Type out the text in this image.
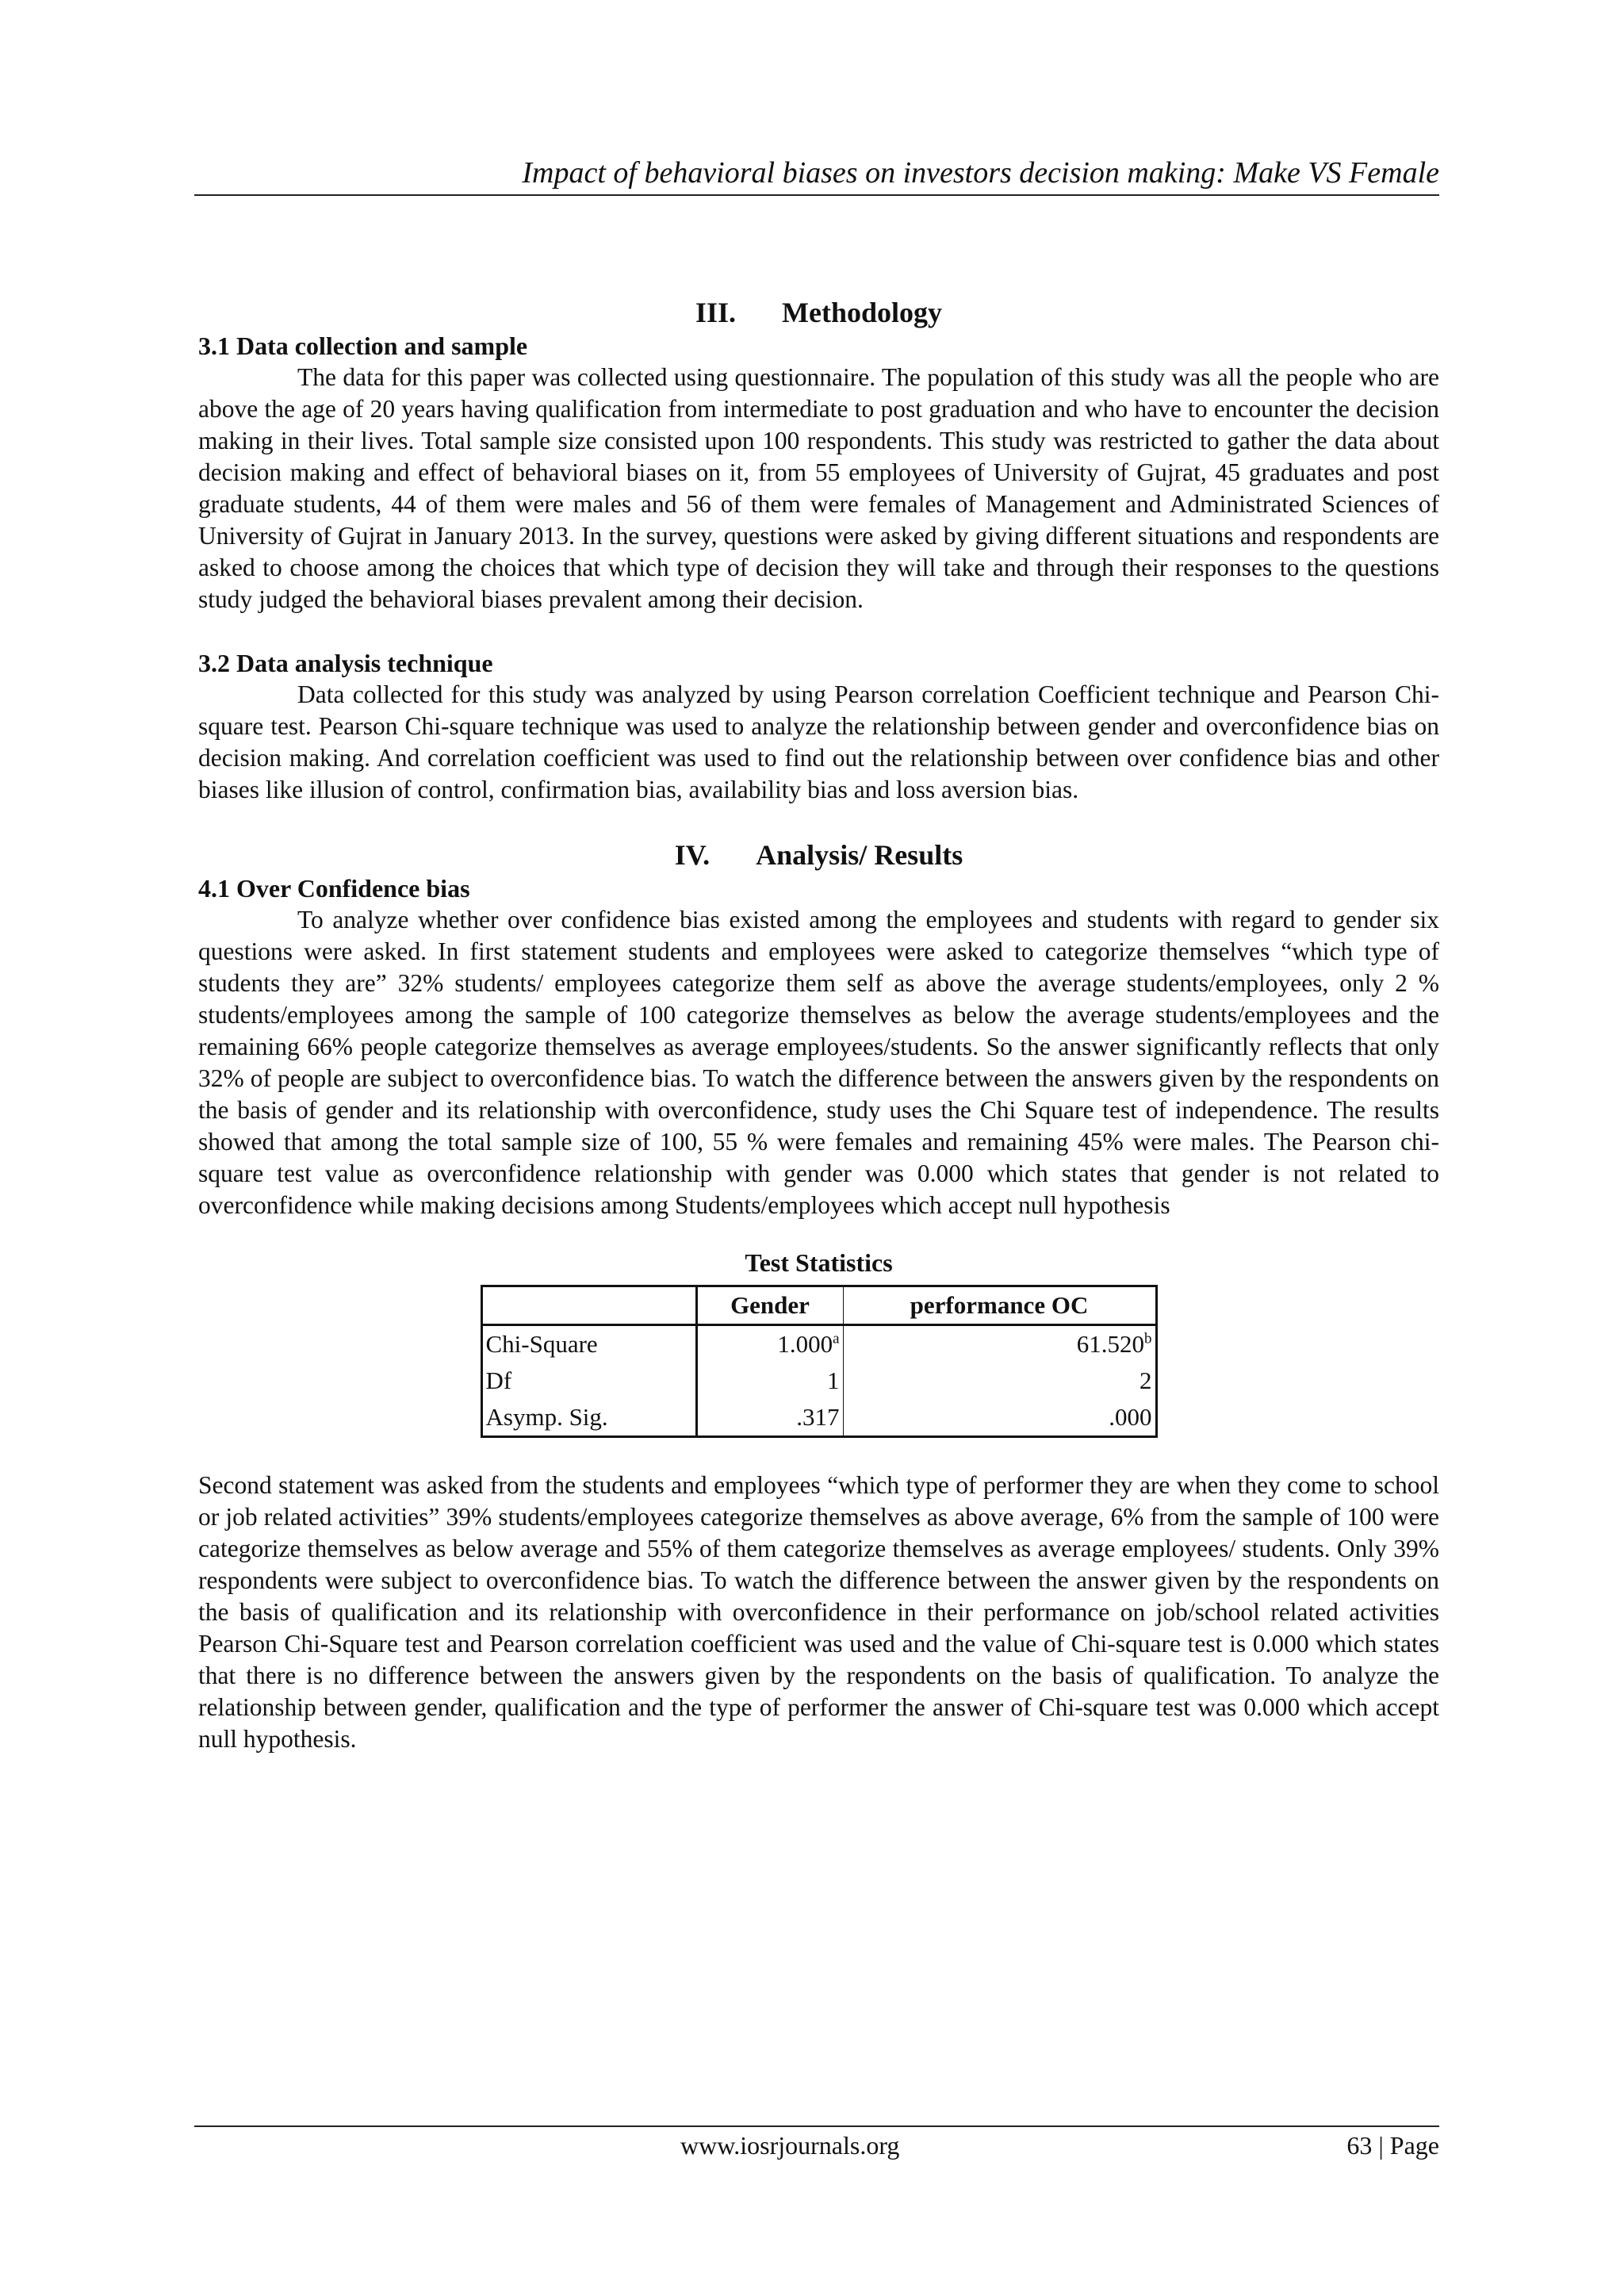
Impact of behavioral biases on investors decision making: Make VS Female
III. Methodology
3.1 Data collection and sample

The data for this paper was collected using questionnaire. The population of this study was all the people who are above the age of 20 years having qualification from intermediate to post graduation and who have to encounter the decision making in their lives. Total sample size consisted upon 100 respondents. This study was restricted to gather the data about decision making and effect of behavioral biases on it, from 55 employees of University of Gujrat, 45 graduates and post graduate students, 44 of them were males and 56 of them were females of Management and Administrated Sciences of University of Gujrat in January 2013. In the survey, questions were asked by giving different situations and respondents are asked to choose among the choices that which type of decision they will take and through their responses to the questions study judged the behavioral biases prevalent among their decision.

3.2 Data analysis technique

Data collected for this study was analyzed by using Pearson correlation Coefficient technique and Pearson Chi-square test. Pearson Chi-square technique was used to analyze the relationship between gender and overconfidence bias on decision making. And correlation coefficient was used to find out the relationship between over confidence bias and other biases like illusion of control, confirmation bias, availability bias and loss aversion bias.

IV. Analysis/ Results
4.1 Over Confidence bias

To analyze whether over confidence bias existed among the employees and students with regard to gender six questions were asked. In first statement students and employees were asked to categorize themselves “which type of students they are” 32% students/ employees categorize them self as above the average students/employees, only 2 % students/employees among the sample of 100 categorize themselves as below the average students/employees and the remaining 66% people categorize themselves as average employees/students. So the answer significantly reflects that only 32% of people are subject to overconfidence bias. To watch the difference between the answers given by the respondents on the basis of gender and its relationship with overconfidence, study uses the Chi Square test of independence. The results showed that among the total sample size of 100, 55 % were females and remaining 45% were males. The Pearson chi- square test value as overconfidence relationship with gender was 0.000 which states that gender is not related to overconfidence while making decisions among Students/employees which accept null hypothesis

Test Statistics
	Gender	performance OC
Chi-Square	1.000$^a$	61.520$^b$
Df	1	2
Asymp. Sig.	.317	.000

Second statement was asked from the students and employees “which type of performer they are when they come to school or job related activities” 39% students/employees categorize themselves as above average, 6% from the sample of 100 were categorize themselves as below average and 55% of them categorize themselves as average employees/ students. Only 39% respondents were subject to overconfidence bias. To watch the difference between the answer given by the respondents on the basis of qualification and its relationship with overconfidence in their performance on job/school related activities Pearson Chi-Square test and Pearson correlation coefficient was used and the value of Chi-square test is 0.000 which states that there is no difference between the answers given by the respondents on the basis of qualification. To analyze the relationship between gender, qualification and the type of performer the answer of Chi-square test was 0.000 which accept null hypothesis.

www.iosrjournals.org	63 | Page
